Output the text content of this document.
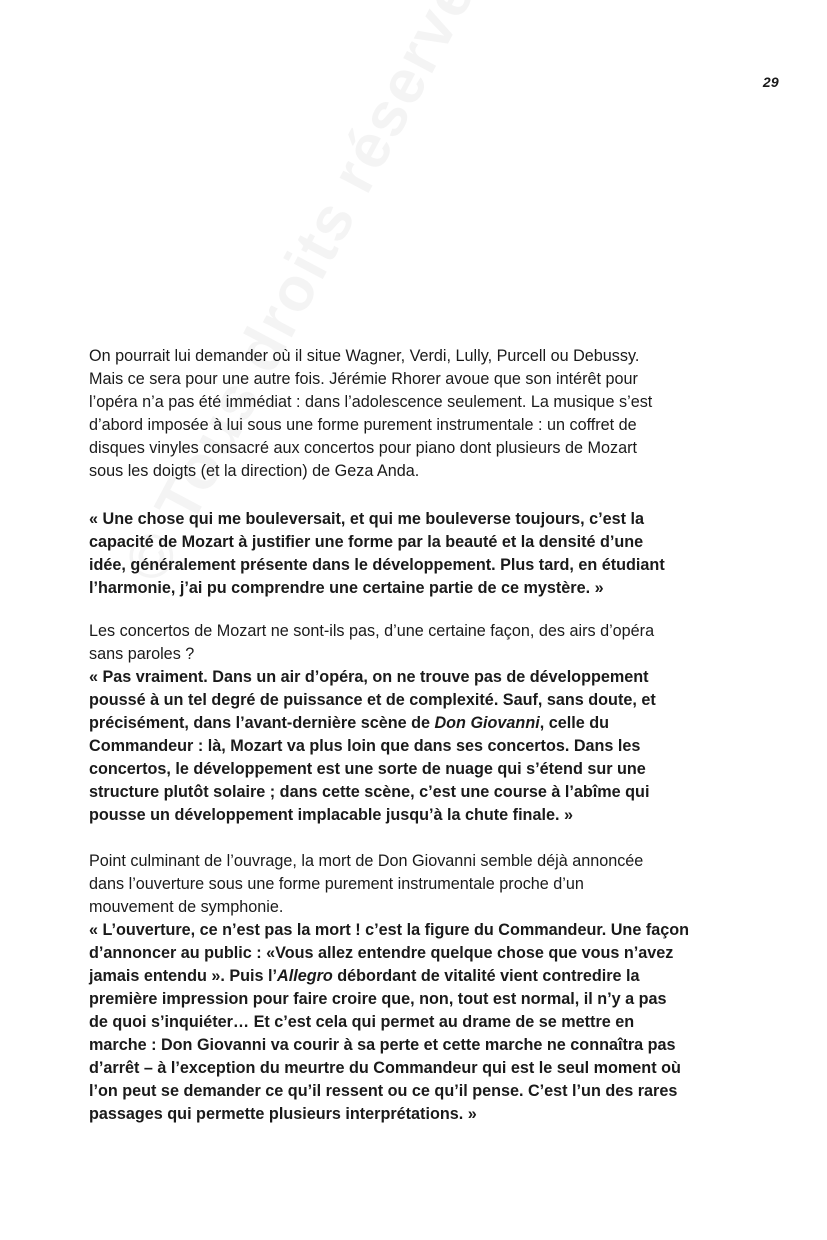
29
On pourrait lui demander où il situe Wagner, Verdi, Lully, Purcell ou Debussy.
Mais ce sera pour une autre fois. Jérémie Rhorer avoue que son intérêt pour
l’opéra n’a pas été immédiat : dans l’adolescence seulement. La musique s’est
d’abord imposée à lui sous une forme purement instrumentale : un coffret de
disques vinyles consacré aux concertos pour piano dont plusieurs de Mozart
sous les doigts (et la direction) de Geza Anda.
« Une chose qui me bouleversait, et qui me bouleverse toujours, c’est la
capacité de Mozart à justifier une forme par la beauté et la densité d’une
idée, généralement présente dans le développement. Plus tard, en étudiant
l’harmonie, j’ai pu comprendre une certaine partie de ce mystère. »
Les concertos de Mozart ne sont-ils pas, d’une certaine façon, des airs d’opéra
sans paroles ?
« Pas vraiment. Dans un air d’opéra, on ne trouve pas de développement
poussé à un tel degré de puissance et de complexité. Sauf, sans doute, et
précisément, dans l’avant-dernière scène de Don Giovanni, celle du
Commandeur : là, Mozart va plus loin que dans ses concertos. Dans les
concertos, le développement est une sorte de nuage qui s’étend sur une
structure plutôt solaire ; dans cette scène, c’est une course à l’abîme qui
pousse un développement implacable jusqu’à la chute finale. »
Point culminant de l’ouvrage, la mort de Don Giovanni semble déjà annoncée
dans l’ouverture sous une forme purement instrumentale proche d’un
mouvement de symphonie.
« L’ouverture, ce n’est pas la mort ! c’est la figure du Commandeur. Une façon
d’annoncer au public : «Vous allez entendre quelque chose que vous n’avez
jamais entendu ». Puis l’Allegro débordant de vitalité vient contredire la
première impression pour faire croire que, non, tout est normal, il n’y a pas
de quoi s’inquiéter… Et c’est cela qui permet au drame de se mettre en
marche : Don Giovanni va courir à sa perte et cette marche ne connaîtra pas
d’arrêt – à l’exception du meurtre du Commandeur qui est le seul moment où
l’on peut se demander ce qu’il ressent ou ce qu’il pense. C’est l’un des rares
passages qui permette plusieurs interprétations. »
